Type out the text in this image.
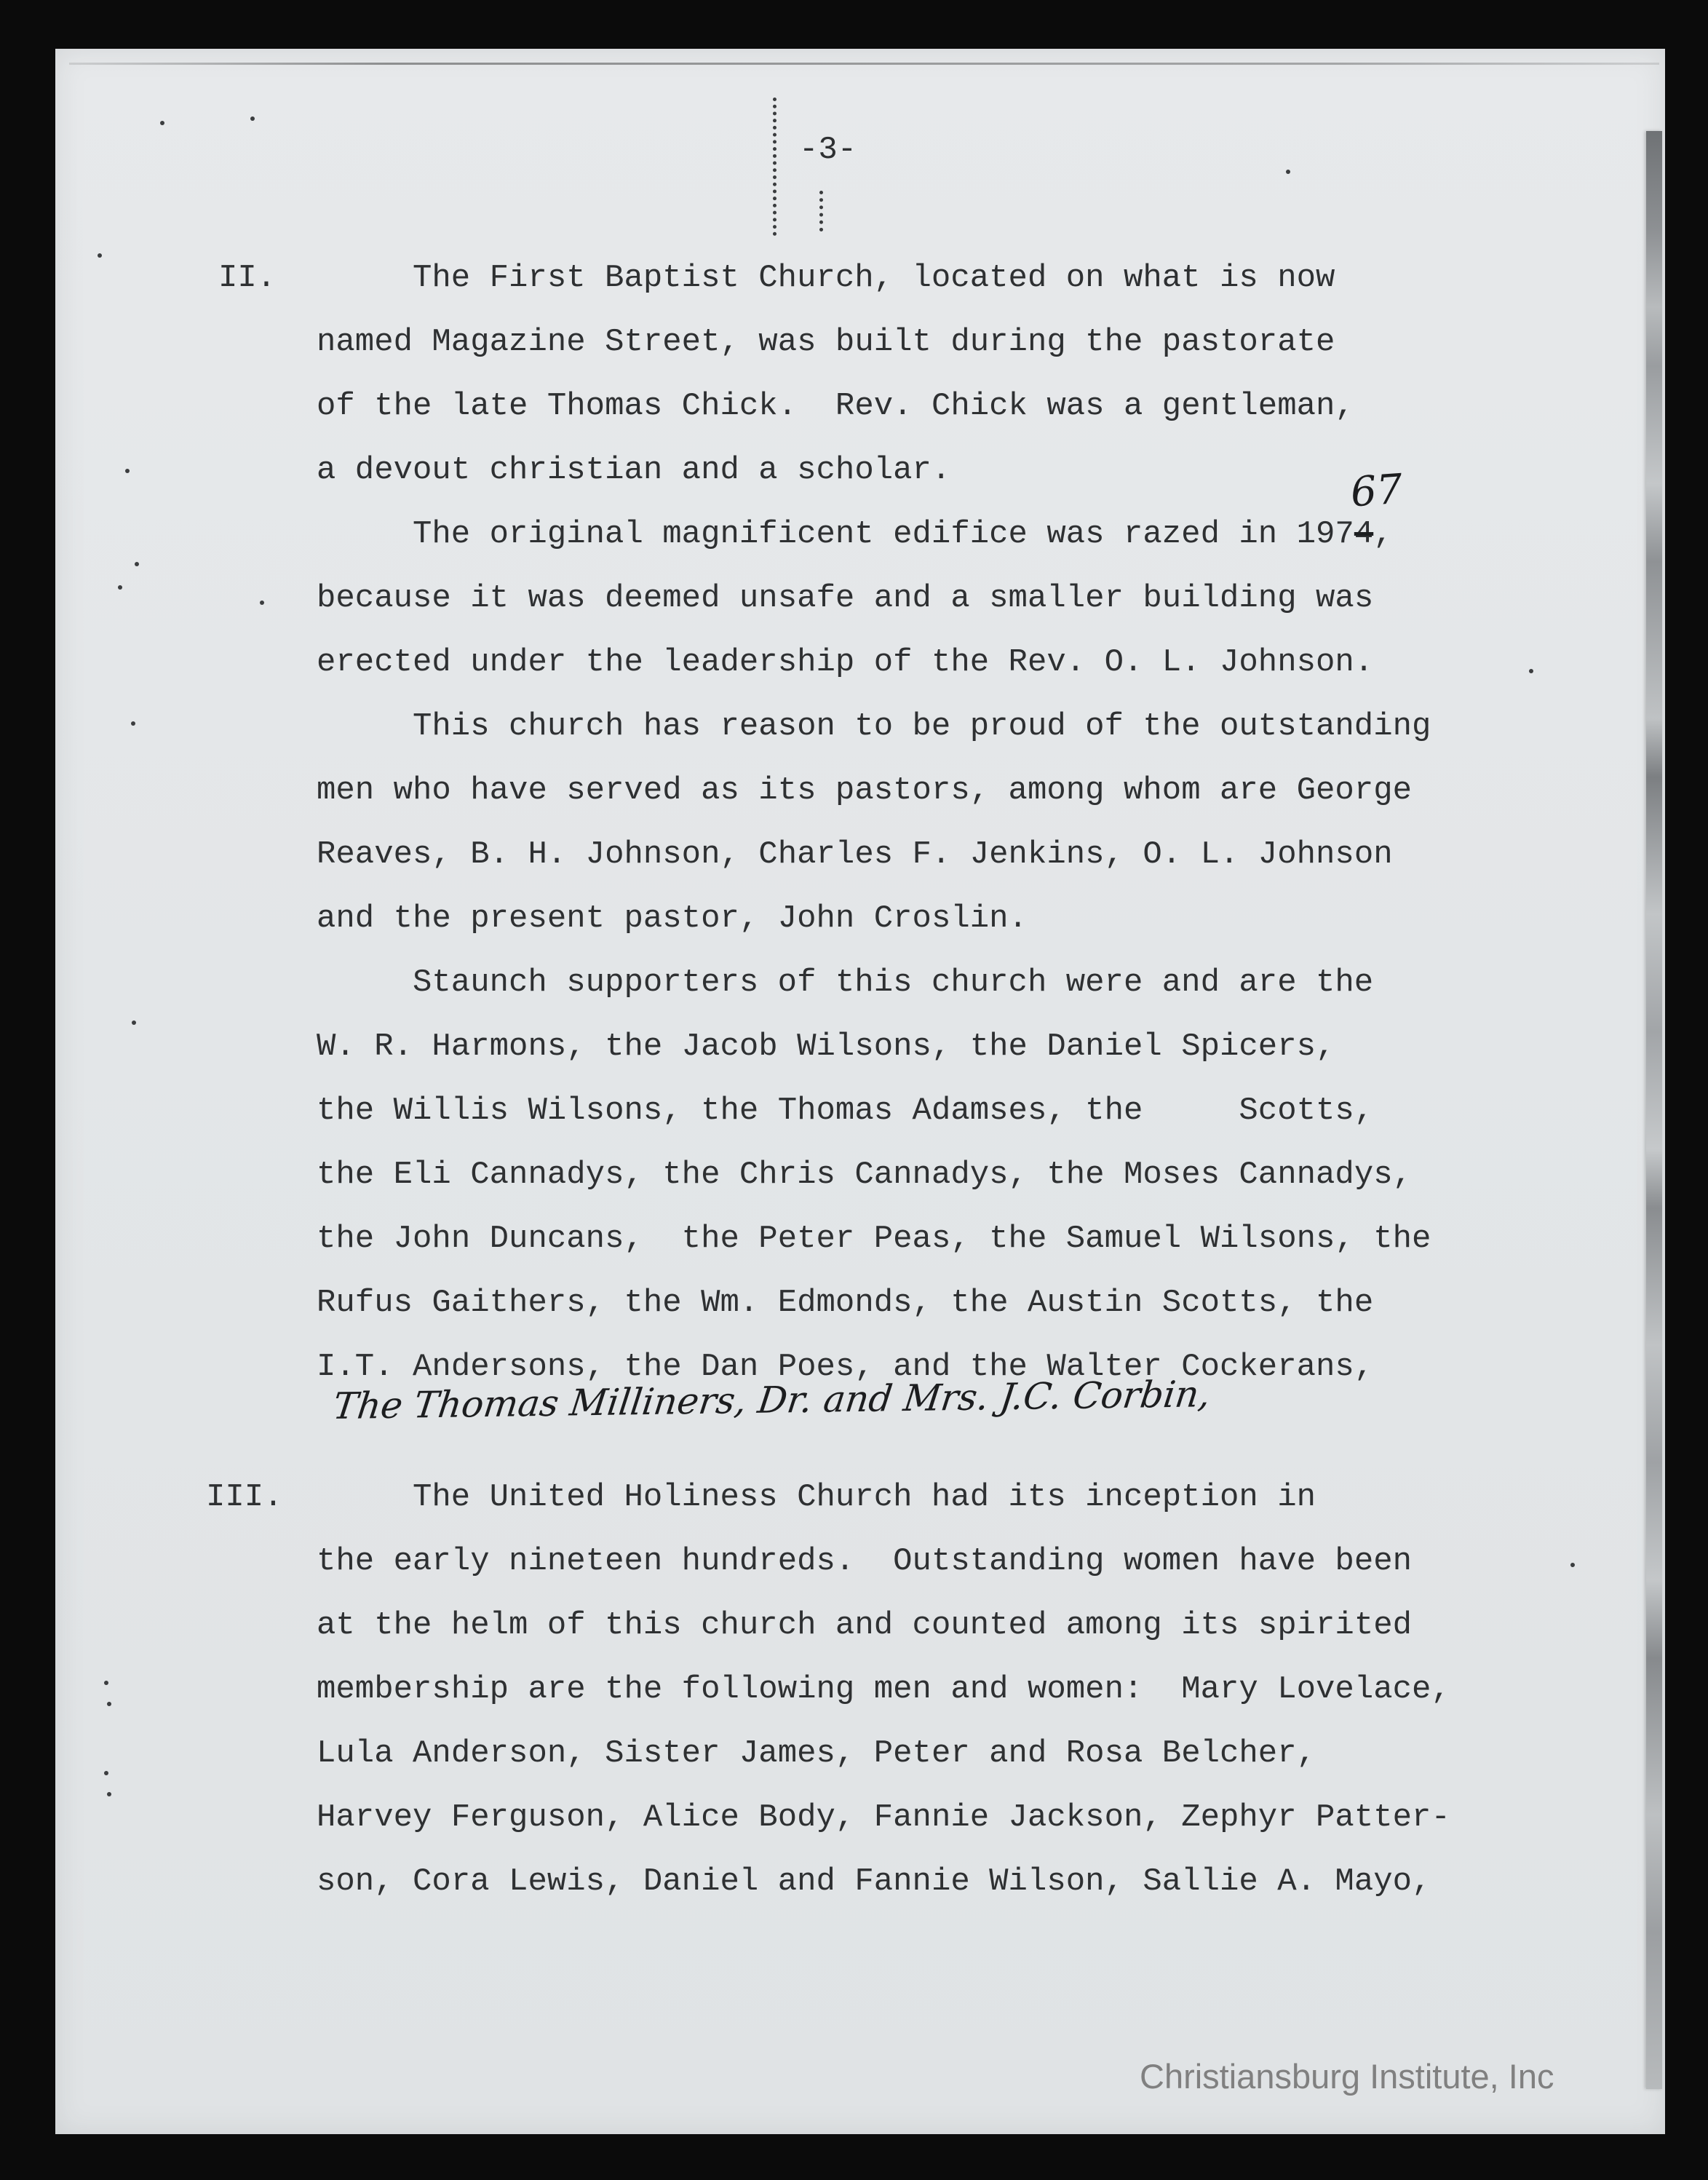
-3-
II.	The First Baptist Church, located on what is now
named Magazine Street, was built during the pastorate
of the late Thomas Chick.  Rev. Chick was a gentleman,
a devout christian and a scholar.
The original magnificent edifice was razed in 1974,
because it was deemed unsafe and a smaller building was
erected under the leadership of the Rev. O. L. Johnson.
This church has reason to be proud of the outstanding
men who have served as its pastors, among whom are George
Reaves, B. H. Johnson, Charles F. Jenkins, O. L. Johnson
and the present pastor, John Croslin.
Staunch supporters of this church were and are the
W. R. Harmons, the Jacob Wilsons, the Daniel Spicers,
the Willis Wilsons, the Thomas Adamses, the     Scotts,
the Eli Cannadys, the Chris Cannadys, the Moses Cannadys,
the John Duncans,  the Peter Peas, the Samuel Wilsons, the
Rufus Gaithers, the Wm. Edmonds, the Austin Scotts, the
I.T. Andersons, the Dan Poes, and the Walter Cockerans,
67
The Thomas Milliners, Dr. and Mrs. J.C. Corbin,
III.	The United Holiness Church had its inception in
the early nineteen hundreds.  Outstanding women have been
at the helm of this church and counted among its spirited
membership are the following men and women:  Mary Lovelace,
Lula Anderson, Sister James, Peter and Rosa Belcher,
Harvey Ferguson, Alice Body, Fannie Jackson, Zephyr Patter-
son, Cora Lewis, Daniel and Fannie Wilson, Sallie A. Mayo,
Christiansburg Institute, Inc
